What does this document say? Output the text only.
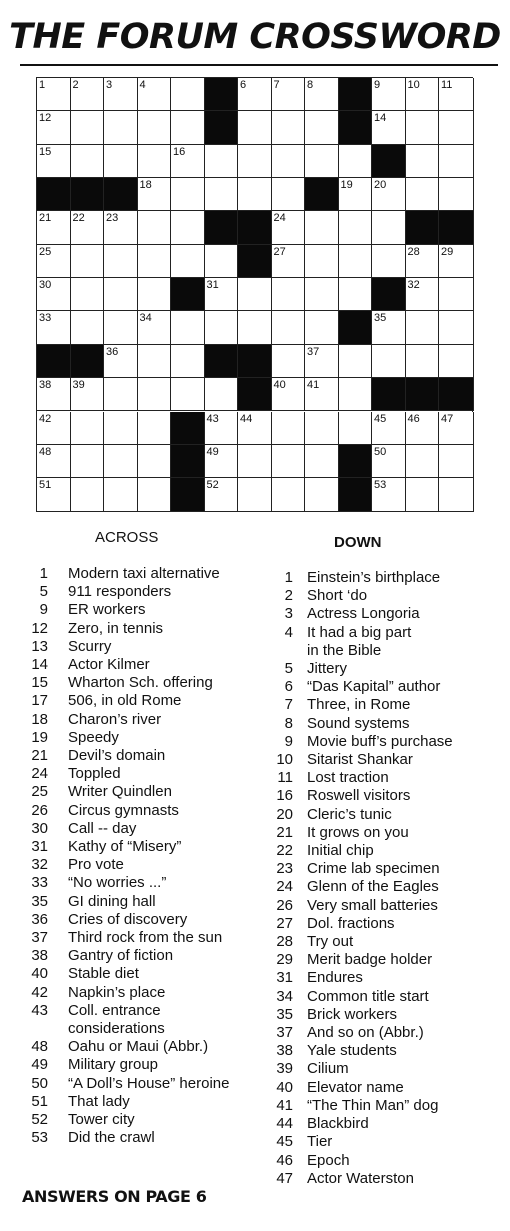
THE FORUM CROSSWORD
1 2 3 4	6 7 8	9 10 11
12	14
15	16
18	19 20
21 22 23	24
25	27	28 29
30	31	32
33	34	35
36	37
38 39	40 41
42	43 44	45 46 47
48	49	50
51	52	53
ACROSS	DOWN
1 Modern taxi alternative
5 911 responders
9 ER workers
12 Zero, in tennis
13 Scurry
14 Actor Kilmer
15 Wharton Sch. offering
17 506, in old Rome
18 Charon’s river
19 Speedy
21 Devil’s domain
24 Toppled
25 Writer Quindlen
26 Circus gymnasts
30 Call -- day
31 Kathy of “Misery”
32 Pro vote
33 “No worries ...”
35 GI dining hall
36 Cries of discovery
37 Third rock from the sun
38 Gantry of fiction
40 Stable diet
42 Napkin’s place
43 Coll. entrance
considerations
48 Oahu or Maui (Abbr.)
49 Military group
50 “A Doll’s House” heroine
51 That lady
52 Tower city
53 Did the crawl
1 Einstein’s birthplace
2 Short ‘do
3 Actress Longoria
4 It had a big part
in the Bible
5 Jittery
6 “Das Kapital” author
7 Three, in Rome
8 Sound systems
9 Movie buff’s purchase
10 Sitarist Shankar
11 Lost traction
16 Roswell visitors
20 Cleric’s tunic
21 It grows on you
22 Initial chip
23 Crime lab specimen
24 Glenn of the Eagles
26 Very small batteries
27 Dol. fractions
28 Try out
29 Merit badge holder
31 Endures
34 Common title start
35 Brick workers
37 And so on (Abbr.)
38 Yale students
39 Cilium
40 Elevator name
41 “The Thin Man” dog
44 Blackbird
45 Tier
46 Epoch
47 Actor Waterston
ANSWERS ON PAGE 6
